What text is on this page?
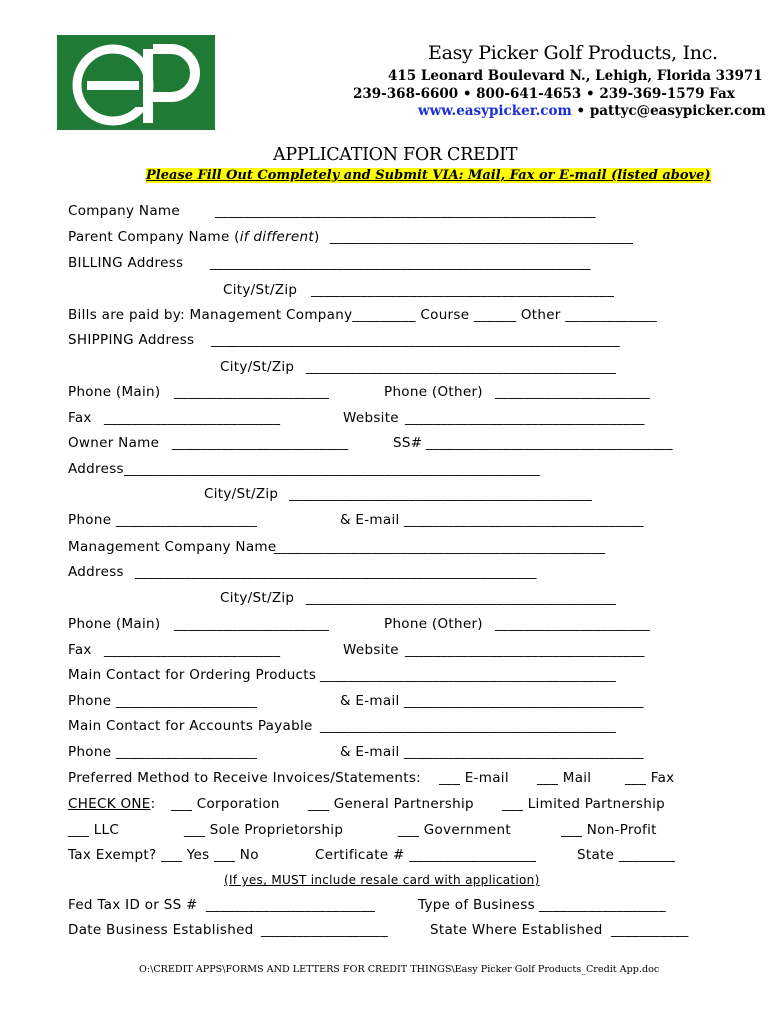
Easy Picker Golf Products, Inc.
415 Leonard Boulevard N., Lehigh, Florida 33971
239-368-6600 • 800-641-4653 • 239-369-1579 Fax
www.easypicker.com • pattyc@easypicker.com
APPLICATION FOR CREDIT
Please Fill Out Completely and Submit VIA: Mail, Fax or E-mail (listed above)
Company Name	______________________________________________________
Parent Company Name (if different) ___________________________________________
BILLING Address ______________________________________________________
City/St/Zip ___________________________________________
Bills are paid by: Management Company_________ Course ______ Other _____________
SHIPPING Address __________________________________________________________
City/St/Zip ____________________________________________
Phone (Main) ______________________	Phone (Other) ______________________
Fax _________________________	Website __________________________________
Owner Name _________________________	SS# ___________________________________
Address ___________________________________________________________
City/St/Zip ___________________________________________
Phone ____________________	& E-mail __________________________________
Management Company Name
_______________________________________________
Address _________________________________________________________
City/St/Zip ____________________________________________
Phone (Main) ______________________	Phone (Other) ______________________
Fax _________________________	Website __________________________________
Main Contact for Ordering Products __________________________________________
Phone ____________________	& E-mail __________________________________
Main Contact for Accounts Payable __________________________________________
Phone ____________________	& E-mail __________________________________
Preferred Method to Receive Invoices/Statements: ___ E-mail ___ Mail ___ Fax
CHECK ONE: ___ Corporation ___ General Partnership ___ Limited Partnership
___ LLC	___ Sole Proprietorship	___ Government	___ Non-Profit
Tax Exempt? ___ Yes ___ No	Certificate # __________________	State ________
(If yes, MUST include resale card with application)
Fed Tax ID or SS # ________________________	Type of Business __________________
Date Business Established __________________	State Where Established ___________
O:\CREDIT APPS\FORMS AND LETTERS FOR CREDIT THINGS\Easy Picker Golf Products_Credit App.doc
